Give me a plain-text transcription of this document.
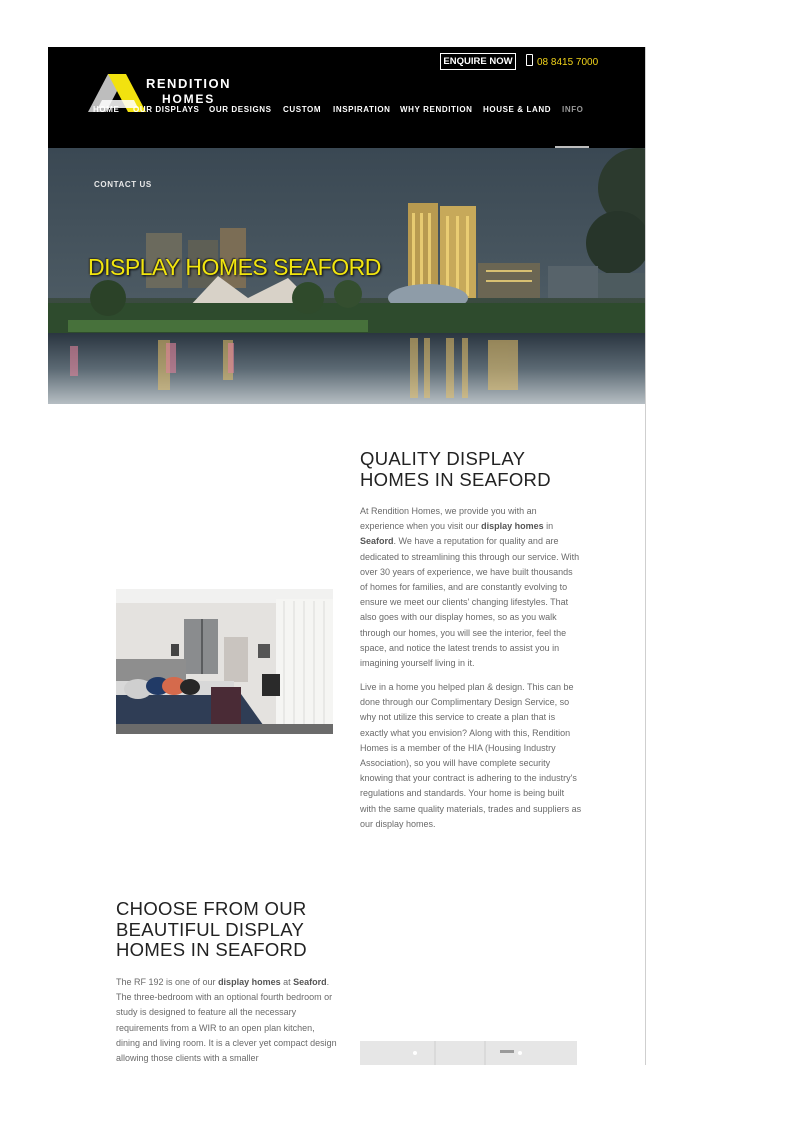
ENQUIRE NOW	08 8415 7000
RENDITION
HOMES
HOME OUR DISPLAYS OUR DESIGNS CUSTOM INSPIRATION WHY RENDITION HOUSE & LAND INFO
CONTACT US
DISPLAY HOMES SEAFORD
QUALITY DISPLAY
HOMES IN SEAFORD
At Rendition Homes, we provide you with an experience when you visit our display homes in Seaford. We have a reputation for quality and are dedicated to streamlining this through our service. With over 30 years of experience, we have built thousands of homes for families, and are constantly evolving to ensure we meet our clients' changing lifestyles. That also goes with our display homes, so as you walk through our homes, you will see the interior, feel the space, and notice the latest trends to assist you in imagining yourself living in it.
Live in a home you helped plan & design. This can be done through our Complimentary Design Service, so why not utilize this service to create a plan that is exactly what you envision? Along with this, Rendition Homes is a member of the HIA (Housing Industry Association), so you will have complete security knowing that your contract is adhering to the industry's regulations and standards. Your home is being built with the same quality materials, trades and suppliers as our display homes.
CHOOSE FROM OUR
BEAUTIFUL DISPLAY
HOMES IN SEAFORD
The RF 192 is one of our display homes at Seaford. The three-bedroom with an optional fourth bedroom or study is designed to feature all the necessary requirements from a WIR to an open plan kitchen, dining and living room. It is a clever yet compact design allowing those clients with a smaller
